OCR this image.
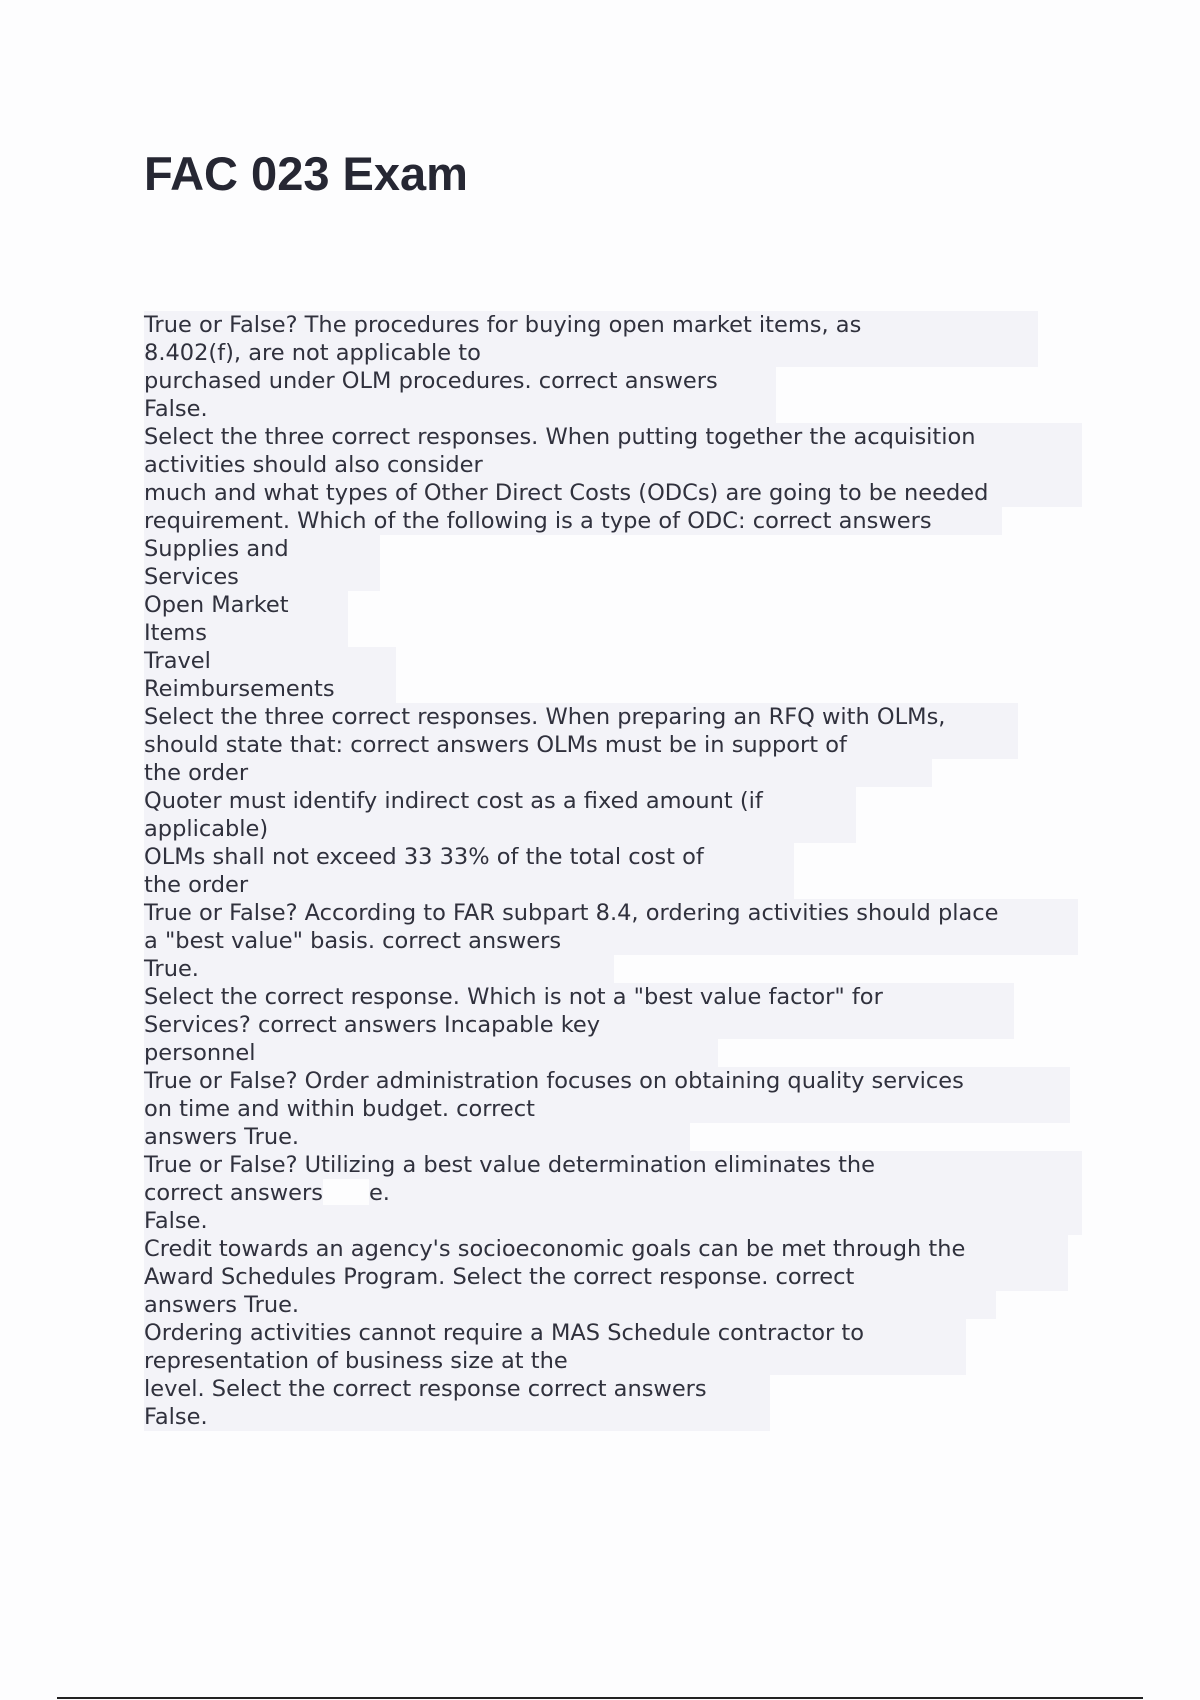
FAC 023 Exam
True or False? The procedures for buying open market items, as
8.402(f), are not applicable to
purchased under OLM procedures. correct answers
False.
Select the three correct responses. When putting together the acquisition
activities should also consider
much and what types of Other Direct Costs (ODCs) are going to be needed
requirement. Which of the following is a type of ODC: correct answers
Supplies and
Services
Open Market
Items
Travel
Reimbursements
Select the three correct responses. When preparing an RFQ with OLMs,
should state that: correct answers OLMs must be in support of
the order
Quoter must identify indirect cost as a fixed amount (if
applicable)
OLMs shall not exceed 33 33% of the total cost of
the order
True or False? According to FAR subpart 8.4, ordering activities should place
a "best value" basis. correct answers
True.
Select the correct response. Which is not a "best value factor" for
Services? correct answers Incapable key
personnel
True or False? Order administration focuses on obtaining quality services
on time and within budget. correct
answers True.
True or False? Utilizing a best value determination eliminates the
correct answers e.
False.
Credit towards an agency's socioeconomic goals can be met through the
Award Schedules Program. Select the correct response. correct
answers True.
Ordering activities cannot require a MAS Schedule contractor to
representation of business size at the
level. Select the correct response correct answers
False.
